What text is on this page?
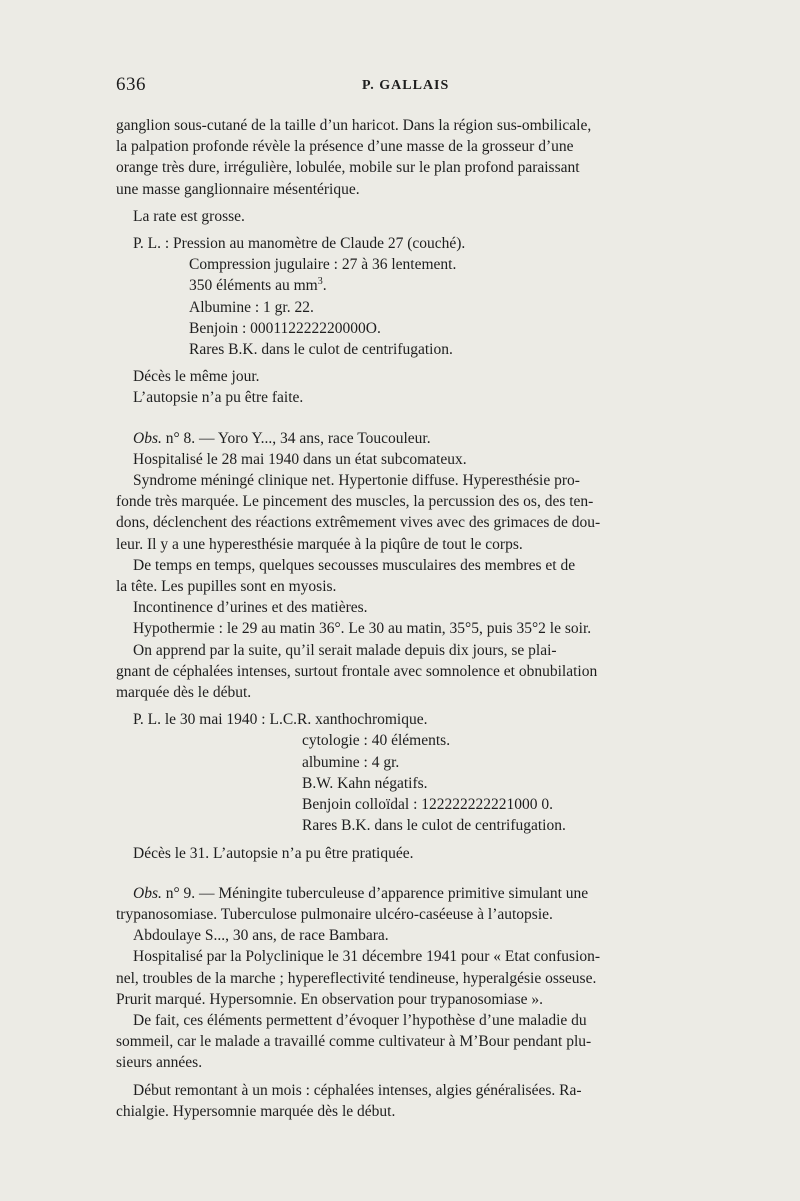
636	P. GALLAIS

ganglion sous-cutané de la taille d’un haricot. Dans la région sus-ombilicale,

la palpation profonde révèle la présence d’une masse de la grosseur d’une

orange très dure, irrégulière, lobulée, mobile sur le plan profond paraissant

une masse ganglionnaire mésentérique.

La rate est grosse.

P. L. : Pression au manomètre de Claude 27 (couché).

Compression jugulaire : 27 à 36 lentement.

350 éléments au $mm^3$.

Albumine : 1 gr. 22.

Benjoin : 000112222220000O.

Rares B.K. dans le culot de centrifugation.

Décès le même jour.

L’autopsie n’a pu être faite.

Obs. n° 8. — Yoro Y..., 34 ans, race Toucouleur.

Hospitalisé le 28 mai 1940 dans un état subcomateux.

Syndrome méningé clinique net. Hypertonie diffuse. Hyperesthésie pro-

fonde très marquée. Le pincement des muscles, la percussion des os, des ten-

dons, déclenchent des réactions extrêmement vives avec des grimaces de dou-

leur. Il y a une hyperesthésie marquée à la piqûre de tout le corps.

De temps en temps, quelques secousses musculaires des membres et de

la tête. Les pupilles sont en myosis.

Incontinence d’urines et des matières.

Hypothermie : le 29 au matin 36°. Le 30 au matin, 35°5, puis 35°2 le soir.

On apprend par la suite, qu’il serait malade depuis dix jours, se plai-

gnant de céphalées intenses, surtout frontale avec somnolence et obnubilation

marquée dès le début.

P. L. le 30 mai 1940 : L.C.R. xanthochromique.

cytologie : 40 éléments.

albumine : 4 gr.

B.W. Kahn négatifs.

Benjoin colloïdal : 122222222221000 0.

Rares B.K. dans le culot de centrifugation.

Décès le 31. L’autopsie n’a pu être pratiquée.

Obs. n° 9. — Méningite tuberculeuse d’apparence primitive simulant une

trypanosomiase. Tuberculose pulmonaire ulcéro-caséeuse à l’autopsie.

Abdoulaye S..., 30 ans, de race Bambara.

Hospitalisé par la Polyclinique le 31 décembre 1941 pour « Etat confusion-

nel, troubles de la marche ; hypereflectivité tendineuse, hyperalgésie osseuse.

Prurit marqué. Hypersomnie. En observation pour trypanosomiase ».

De fait, ces éléments permettent d’évoquer l’hypothèse d’une maladie du

sommeil, car le malade a travaillé comme cultivateur à M’Bour pendant plu-

sieurs années.

Début remontant à un mois : céphalées intenses, algies généralisées. Ra-

chialgie. Hypersomnie marquée dès le début.
